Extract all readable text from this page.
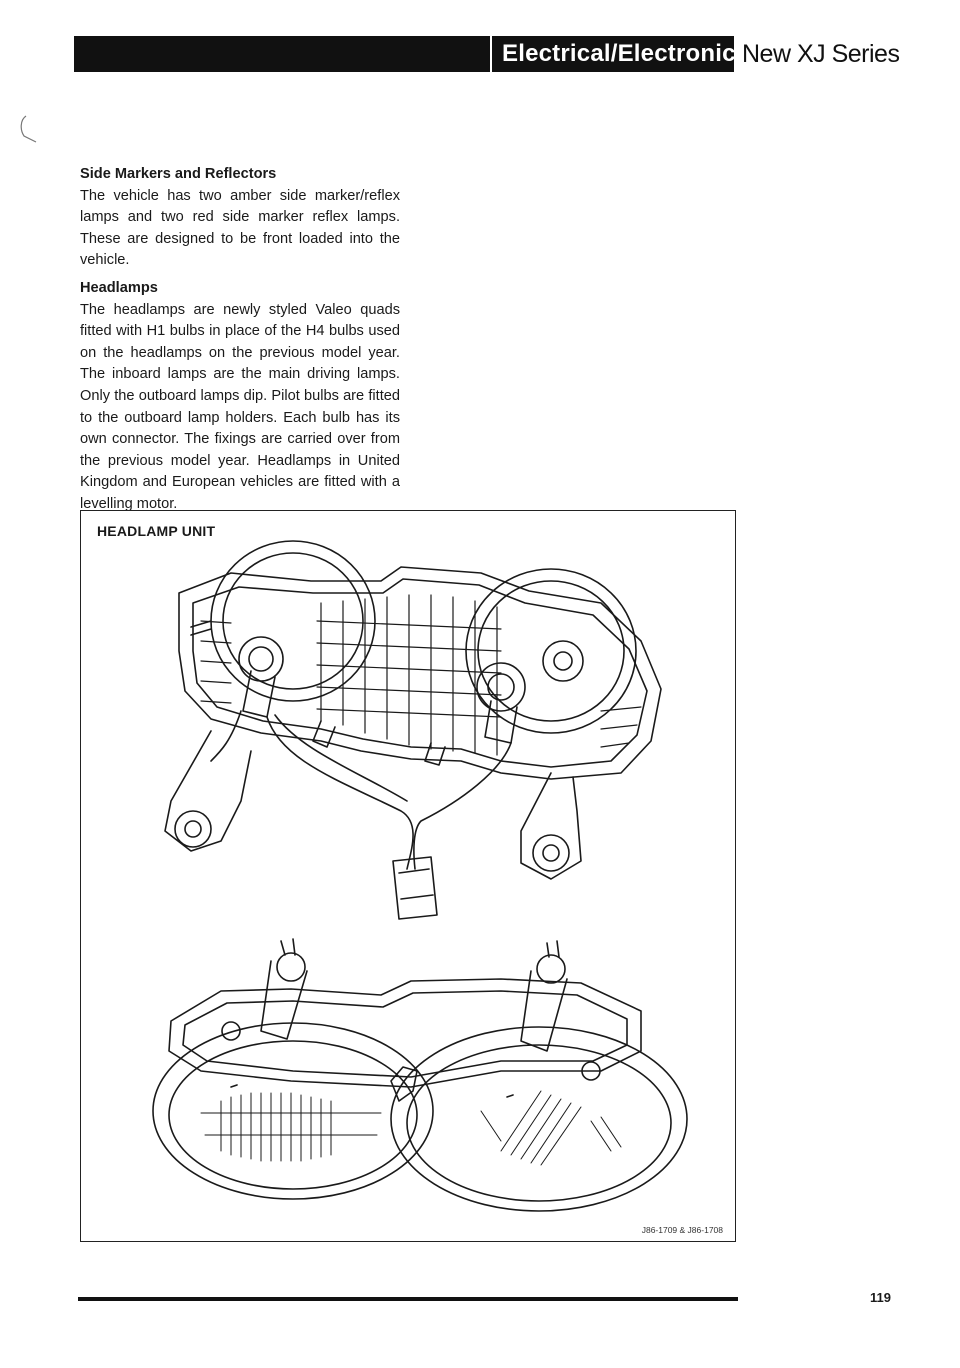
Electrical/Electronic New XJ Series
Side Markers and Reflectors

The vehicle has two amber side marker/reflex lamps and two red side marker reflex lamps. These are designed to be front loaded into the vehicle.

Headlamps

The headlamps are newly styled Valeo quads fitted with H1 bulbs in place of the H4 bulbs used on the headlamps on the previous model year. The inboard lamps are the main driving lamps. Only the outboard lamps dip. Pilot bulbs are fitted to the outboard lamp holders. Each bulb has its own connector. The fixings are carried over from the previous model year. Headlamps in United Kingdom and European vehicles are fitted with a levelling motor.

HEADLAMP UNIT
J86-1709 & J86-1708
119
